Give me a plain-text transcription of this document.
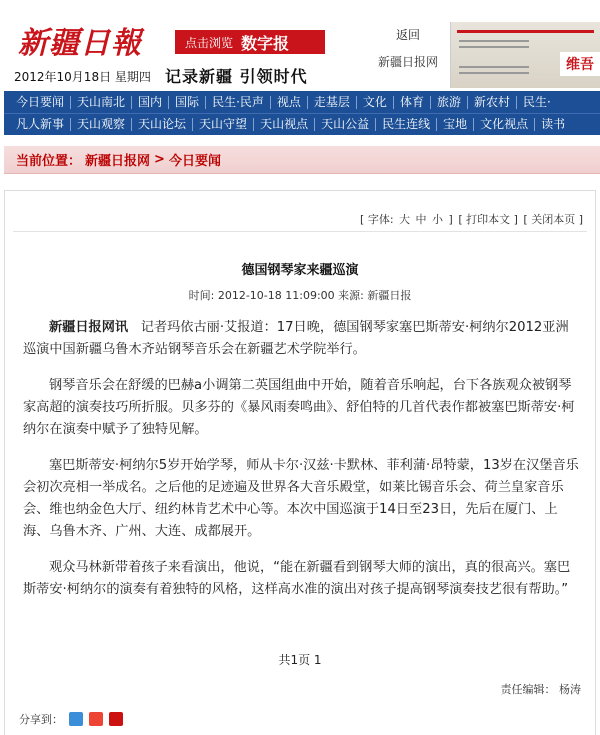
新疆日報
2012年10月18日 星期四
点击浏览 数字报
记录新疆 引领时代
返回
新疆日报网	维吾
今日要闻	天山南北	国内	国际	民生·民声	视点	走基层	文化	体育	旅游	新农村	民生·
凡人新事	天山观察	天山论坛	天山守望	天山视点	天山公益	民生连线	宝地	文化视点	读书
当前位置： 新疆日报网 > 今日要闻
[ 字体: 大 中 小 ] [ 打印本文 ] [ 关闭本页 ]
德国钢琴家来疆巡演
时间: 2012-10-18 11:09:00 来源: 新疆日报

新疆日报网讯 记者玛依古丽·艾报道：17日晚，德国钢琴家塞巴斯蒂安·柯纳尔2012亚洲巡演中国新疆乌鲁木齐站钢琴音乐会在新疆艺术学院举行。

钢琴音乐会在舒缓的巴赫a小调第二英国组曲中开始，随着音乐响起，台下各族观众被钢琴家高超的演奏技巧所折服。贝多芬的《暴风雨奏鸣曲》、舒伯特的几首代表作都被塞巴斯蒂安·柯纳尔在演奏中赋予了独特见解。

塞巴斯蒂安·柯纳尔5岁开始学琴，师从卡尔·汉兹·卡默林、菲利蒲·昂特蒙，13岁在汉堡音乐会初次亮相一举成名。之后他的足迹遍及世界各大音乐殿堂，如莱比锡音乐会、荷兰皇家音乐会、维也纳金色大厅、纽约林肯艺术中心等。本次中国巡演于14日至23日，先后在厦门、上海、乌鲁木齐、广州、大连、成都展开。

观众马林新带着孩子来看演出，他说，“能在新疆看到钢琴大师的演出，真的很高兴。塞巴斯蒂安·柯纳尔的演奏有着独特的风格，这样高水准的演出对孩子提高钢琴演奏技艺很有帮助。”

共1页 1
责任编辑： 杨涛
分享到：
